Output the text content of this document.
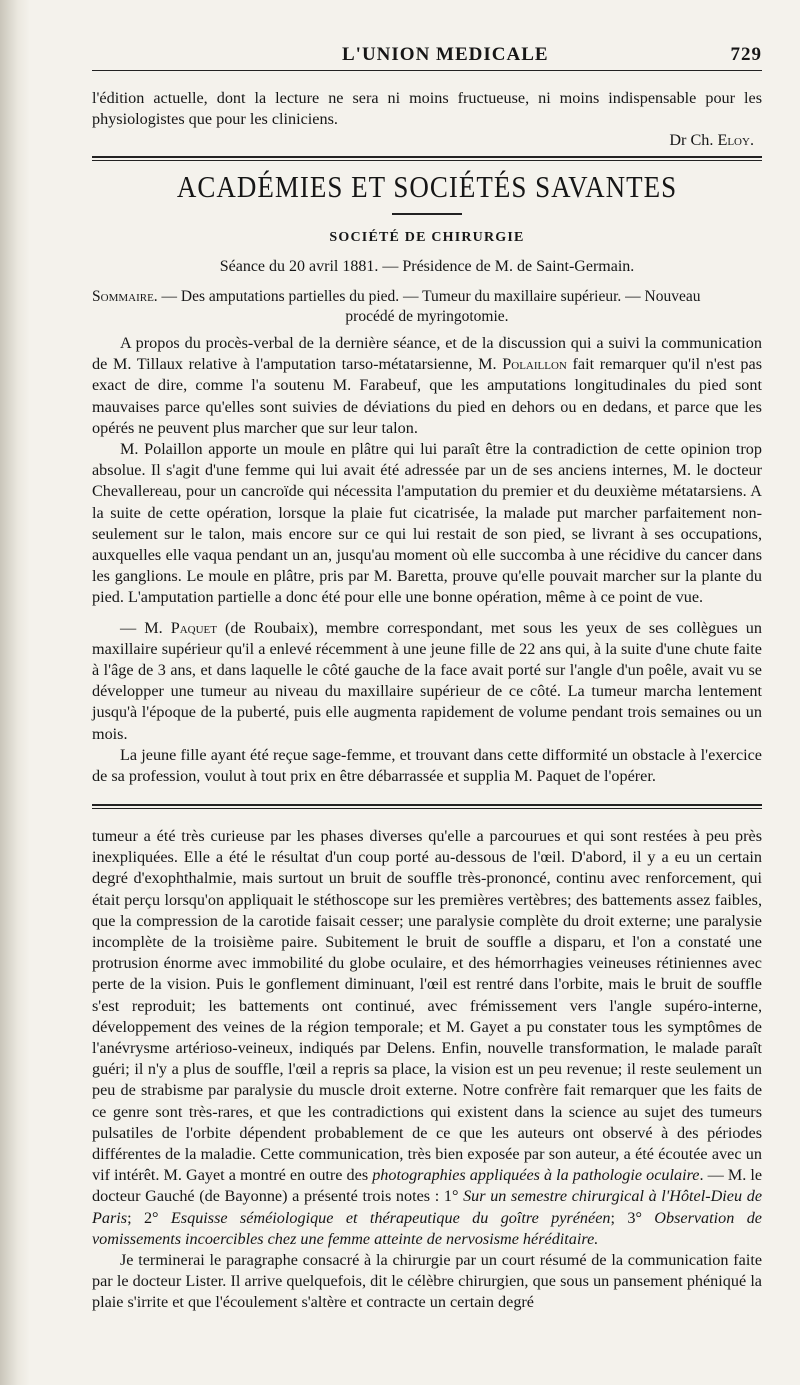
L'UNION MEDICALE	729

l'édition actuelle, dont la lecture ne sera ni moins fructueuse, ni moins indispensable pour les physiologistes que pour les cliniciens.

Dr Ch. Eloy.

ACADÉMIES ET SOCIÉTÉS SAVANTES
SOCIÉTÉ DE CHIRURGIE
Séance du 20 avril 1881. — Présidence de M. de Saint-Germain.

Sommaire. — Des amputations partielles du pied. — Tumeur du maxillaire supérieur. — Nouveau

procédé de myringotomie.

A propos du procès-verbal de la dernière séance, et de la discussion qui a suivi la communication de M. Tillaux relative à l'amputation tarso-métatarsienne, M. Polaillon fait remarquer qu'il n'est pas exact de dire, comme l'a soutenu M. Farabeuf, que les amputations longitudinales du pied sont mauvaises parce qu'elles sont suivies de déviations du pied en dehors ou en dedans, et parce que les opérés ne peuvent plus marcher que sur leur talon.

M. Polaillon apporte un moule en plâtre qui lui paraît être la contradiction de cette opinion trop absolue. Il s'agit d'une femme qui lui avait été adressée par un de ses anciens internes, M. le docteur Chevallereau, pour un cancroïde qui nécessita l'amputation du premier et du deuxième métatarsiens. A la suite de cette opération, lorsque la plaie fut cicatrisée, la malade put marcher parfaitement non-seulement sur le talon, mais encore sur ce qui lui restait de son pied, se livrant à ses occupations, auxquelles elle vaqua pendant un an, jusqu'au moment où elle succomba à une récidive du cancer dans les ganglions. Le moule en plâtre, pris par M. Baretta, prouve qu'elle pouvait marcher sur la plante du pied. L'amputation partielle a donc été pour elle une bonne opération, même à ce point de vue.

— M. Paquet (de Roubaix), membre correspondant, met sous les yeux de ses collègues un maxillaire supérieur qu'il a enlevé récemment à une jeune fille de 22 ans qui, à la suite d'une chute faite à l'âge de 3 ans, et dans laquelle le côté gauche de la face avait porté sur l'angle d'un poêle, avait vu se développer une tumeur au niveau du maxillaire supérieur de ce côté. La tumeur marcha lentement jusqu'à l'époque de la puberté, puis elle augmenta rapidement de volume pendant trois semaines ou un mois.

La jeune fille ayant été reçue sage-femme, et trouvant dans cette difformité un obstacle à l'exercice de sa profession, voulut à tout prix en être débarrassée et supplia M. Paquet de l'opérer.

tumeur a été très curieuse par les phases diverses qu'elle a parcourues et qui sont restées à peu près inexpliquées. Elle a été le résultat d'un coup porté au-dessous de l'œil. D'abord, il y a eu un certain degré d'exophthalmie, mais surtout un bruit de souffle très-prononcé, continu avec renforcement, qui était perçu lorsqu'on appliquait le stéthoscope sur les premières vertèbres; des battements assez faibles, que la compression de la carotide faisait cesser; une paralysie complète du droit externe; une paralysie incomplète de la troisième paire. Subitement le bruit de souffle a disparu, et l'on a constaté une protrusion énorme avec immobilité du globe oculaire, et des hémorrhagies veineuses rétiniennes avec perte de la vision. Puis le gonflement diminuant, l'œil est rentré dans l'orbite, mais le bruit de souffle s'est reproduit; les battements ont continué, avec frémissement vers l'angle supéro-interne, développement des veines de la région temporale; et M. Gayet a pu constater tous les symptômes de l'anévrysme artérioso-veineux, indiqués par Delens. Enfin, nouvelle transformation, le malade paraît guéri; il n'y a plus de souffle, l'œil a repris sa place, la vision est un peu revenue; il reste seulement un peu de strabisme par paralysie du muscle droit externe. Notre confrère fait remarquer que les faits de ce genre sont très-rares, et que les contradictions qui existent dans la science au sujet des tumeurs pulsatiles de l'orbite dépendent probablement de ce que les auteurs ont observé à des périodes différentes de la maladie. Cette communication, très bien exposée par son auteur, a été écoutée avec un vif intérêt. M. Gayet a montré en outre des photographies appliquées à la pathologie oculaire. — M. le docteur Gauché (de Bayonne) a présenté trois notes : 1° Sur un semestre chirurgical à l'Hôtel-Dieu de Paris; 2° Esquisse séméiologique et thérapeutique du goître pyrénéen; 3° Observation de vomissements incoercibles chez une femme atteinte de nervosisme héréditaire.

Je terminerai le paragraphe consacré à la chirurgie par un court résumé de la communication faite par le docteur Lister. Il arrive quelquefois, dit le célèbre chirurgien, que sous un pansement phéniqué la plaie s'irrite et que l'écoulement s'altère et contracte un certain degré
